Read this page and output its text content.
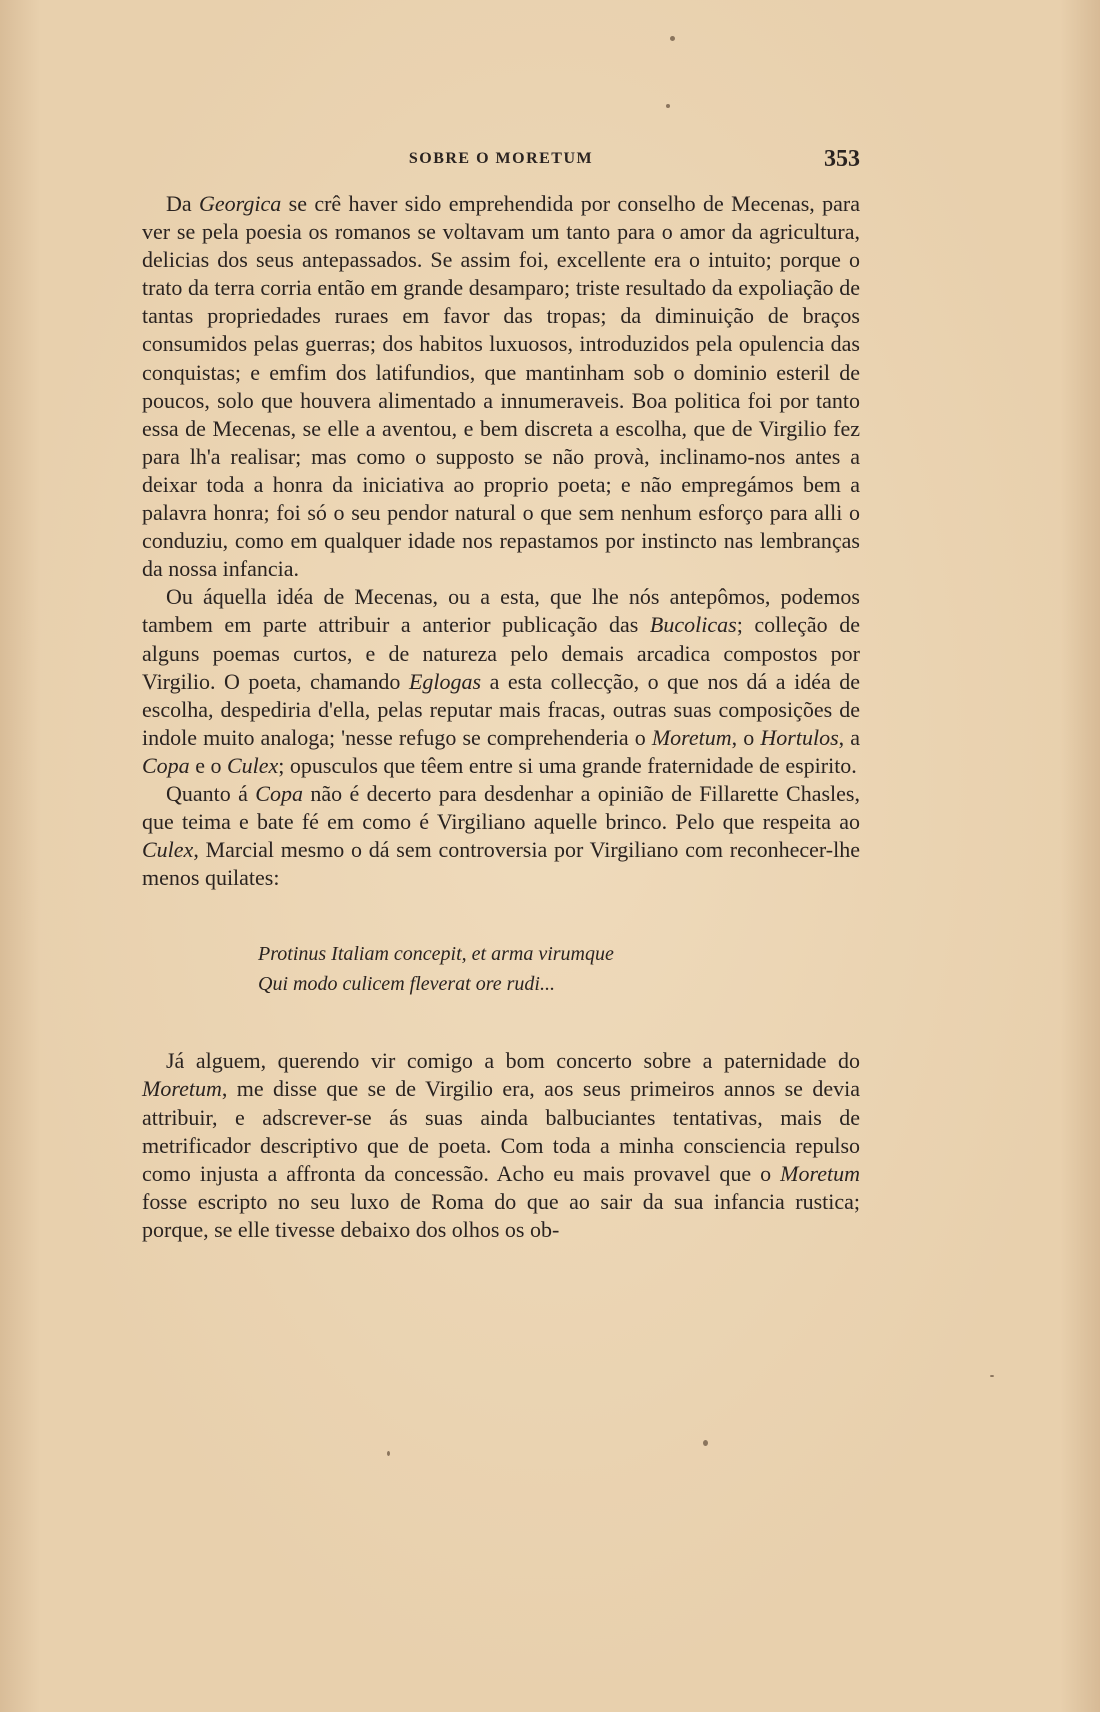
SOBRE O MORETUM	353

Da Georgica se crê haver sido emprehendida por conselho de Mecenas, para ver se pela poesia os romanos se voltavam um tanto para o amor da agricultura, delicias dos seus antepassados. Se assim foi, excellente era o intuito; porque o trato da terra corria então em grande desamparo; triste resultado da expoliação de tantas propriedades ruraes em favor das tropas; da diminuição de braços consumidos pelas guerras; dos habitos luxuosos, introduzidos pela opulencia das conquistas; e emfim dos latifundios, que mantinham sob o dominio esteril de poucos, solo que houvera alimentado a innumeraveis. Boa politica foi por tanto essa de Mecenas, se elle a aventou, e bem discreta a escolha, que de Virgilio fez para lh'a realisar; mas como o supposto se não provà, inclinamo-nos antes a deixar toda a honra da iniciativa ao proprio poeta; e não empregámos bem a palavra honra; foi só o seu pendor natural o que sem nenhum esforço para alli o conduziu, como em qualquer idade nos repastamos por instincto nas lembranças da nossa infancia.

Ou áquella idéa de Mecenas, ou a esta, que lhe nós antepômos, podemos tambem em parte attribuir a anterior publicação das Bucolicas; colleção de alguns poemas curtos, e de natureza pelo demais arcadica compostos por Virgilio. O poeta, chamando Eglogas a esta collecção, o que nos dá a idéa de escolha, despediria d'ella, pelas reputar mais fracas, outras suas composições de indole muito analoga; 'nesse refugo se comprehenderia o Moretum, o Hortulos, a Copa e o Culex; opusculos que têem entre si uma grande fraternidade de espirito.

Quanto á Copa não é decerto para desdenhar a opinião de Fillarette Chasles, que teima e bate fé em como é Virgiliano aquelle brinco. Pelo que respeita ao Culex, Marcial mesmo o dá sem controversia por Virgiliano com reconhecer-lhe menos quilates:

Protinus Italiam concepit, et arma virumque
Qui modo culicem fleverat ore rudi...

Já alguem, querendo vir comigo a bom concerto sobre a paternidade do Moretum, me disse que se de Virgilio era, aos seus primeiros annos se devia attribuir, e adscrever-se ás suas ainda balbuciantes tentativas, mais de metrificador descriptivo que de poeta. Com toda a minha consciencia repulso como injusta a affronta da concessão. Acho eu mais provavel que o Moretum fosse escripto no seu luxo de Roma do que ao sair da sua infancia rustica; porque, se elle tivesse debaixo dos olhos os ob-
